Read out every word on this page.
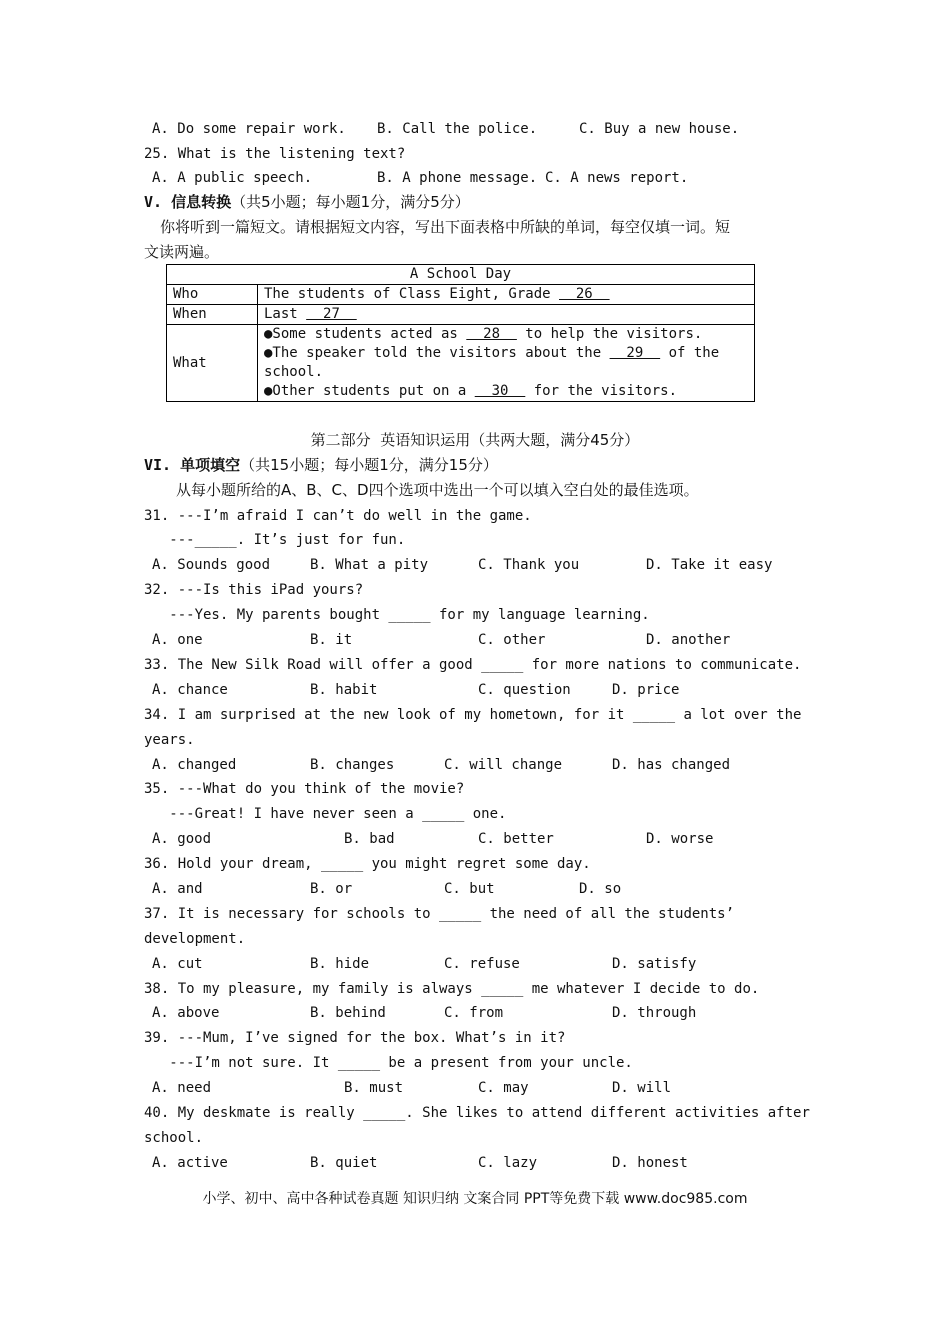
A. Do some repair work. B. Call the police.	C. Buy a new house.
25. What is the listening text?
A. A public speech.	B. A phone message. C. A news report.
V. 信息转换（共5小题；每小题1分，满分5分）
你将听到一篇短文。请根据短文内容，写出下面表格中所缺的单词，每空仅填一词。短
文读两遍。
A School Day	
Who	The students of Class Eight, Grade   26
When	Last   27
What	●Some students acted as   28   to help the visitors.
●The speaker told the visitors about the   29   of the school.
●Other students put on a   30   for the visitors.
第二部分  英语知识运用（共两大题，满分45分）
VI. 单项填空（共15小题；每小题1分，满分15分）
从每小题所给的A、B、C、D四个选项中选出一个可以填入空白处的最佳选项。
31. ---I’m afraid I can’t do well in the game.
---_____. It’s just for fun.
A. Sounds good	B. What a pity	C. Thank you	D. Take it easy
32. ---Is this iPad yours?
---Yes. My parents bought _____ for my language learning.
A. one	B. it	C. other	D. another
33. The New Silk Road will offer a good _____ for more nations to communicate.
A. chance	B. habit	C. question	D. price
34. I am surprised at the new look of my hometown, for it _____ a lot over the
years.
A. changed	B. changes	C. will change	D. has changed
35. ---What do you think of the movie?
---Great! I have never seen a _____ one.
A. good	B. bad	C. better	D. worse
36. Hold your dream, _____ you might regret some day.
A. and	B. or	C. but	D. so
37. It is necessary for schools to _____ the need of all the students’
development.
A. cut	B. hide	C. refuse	D. satisfy
38. To my pleasure, my family is always _____ me whatever I decide to do.
A. above	B. behind	C. from	D. through
39. ---Mum, I’ve signed for the box. What’s in it?
---I’m not sure. It _____ be a present from your uncle.
A. need	B. must	C. may	D. will
40. My deskmate is really _____. She likes to attend different activities after
school.
A. active	B. quiet	C. lazy	D. honest
小学、初中、高中各种试卷真题 知识归纳 文案合同 PPT等免费下载 www.doc985.com
